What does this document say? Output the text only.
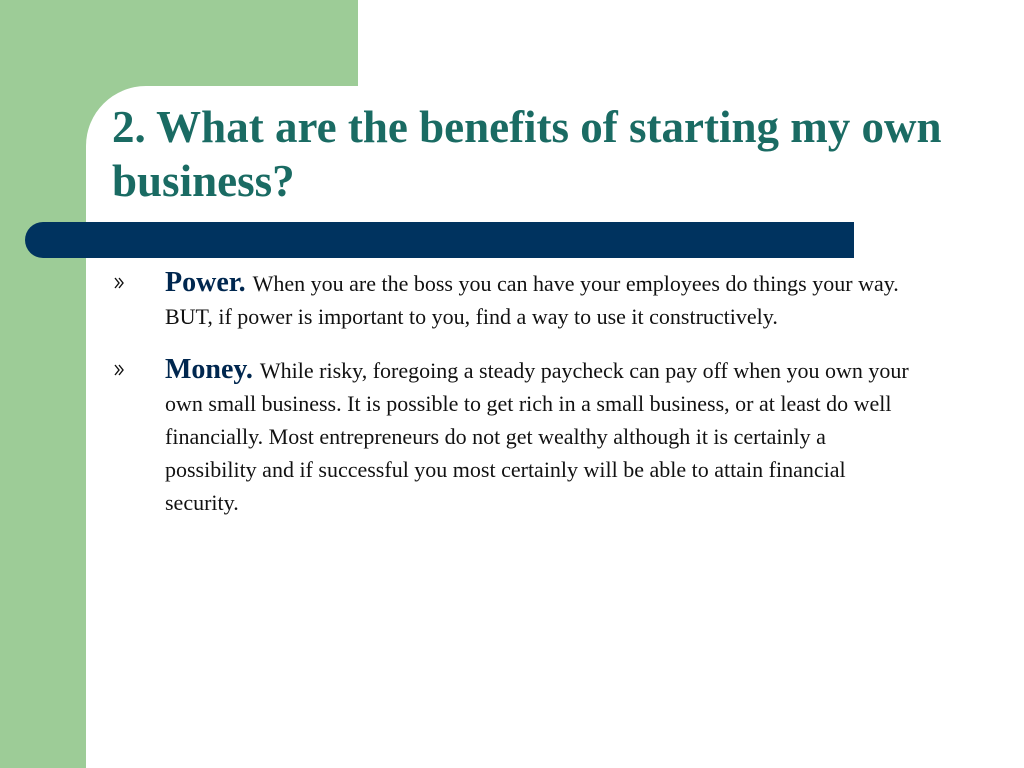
2. What are the benefits of starting my own business?
Power. When you are the boss you can have your employees do things your way. BUT, if power is important to you, find a way to use it constructively.
Money. While risky, foregoing a steady paycheck can pay off when you own your own small business. It is possible to get rich in a small business, or at least do well financially. Most entrepreneurs do not get wealthy although it is certainly a possibility and if successful you most certainly will be able to attain financial security.
